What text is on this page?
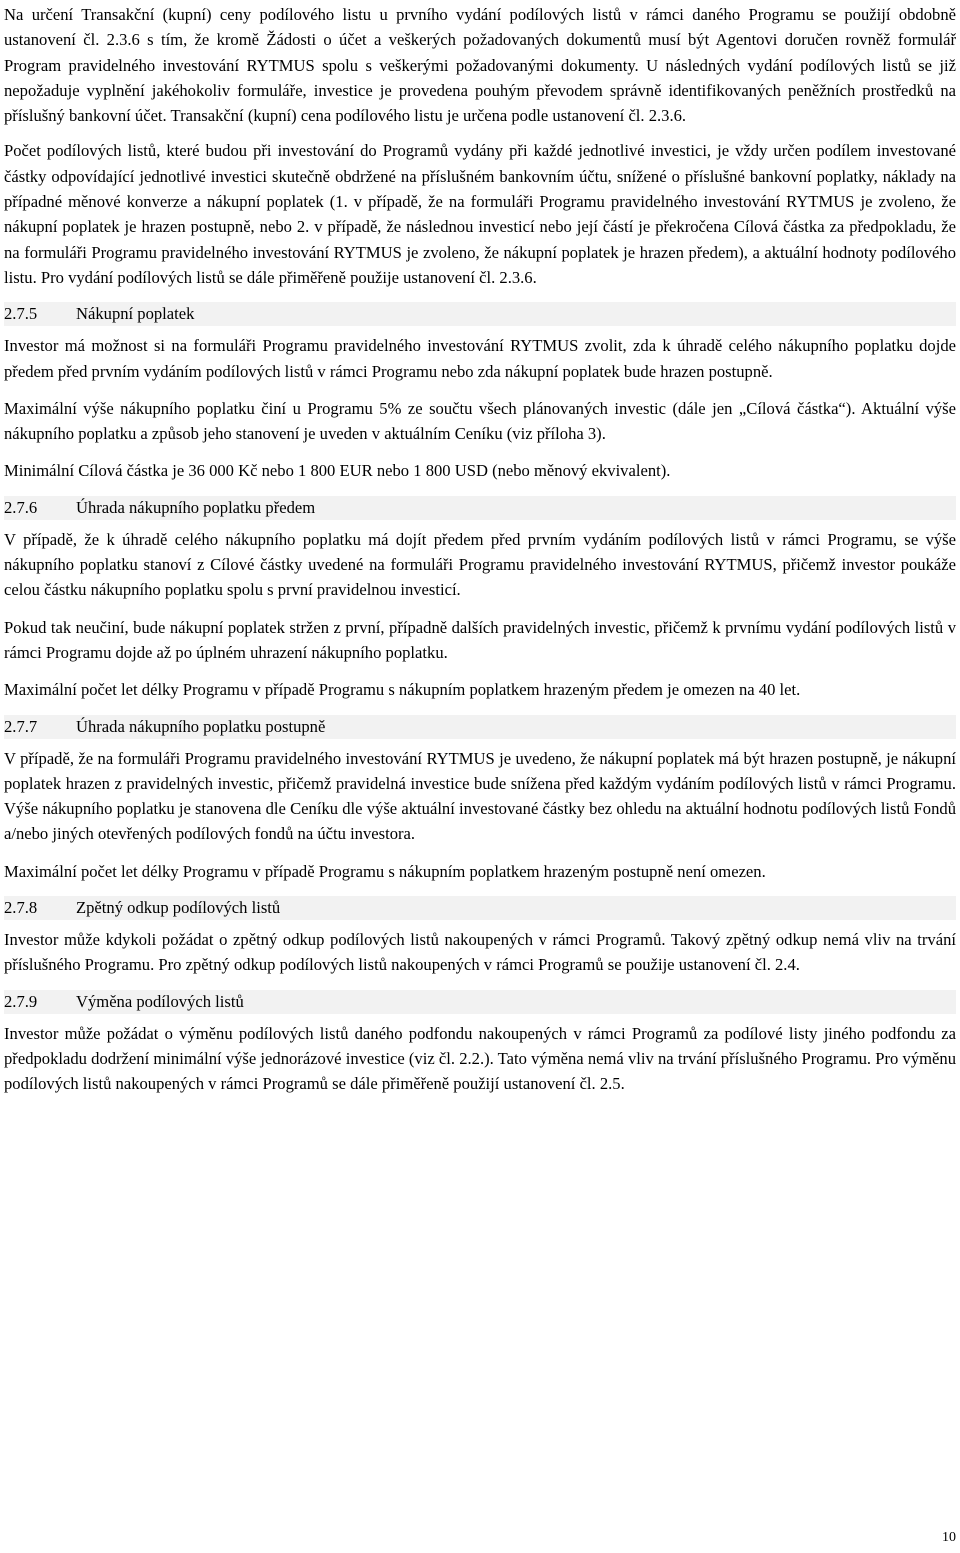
Na určení Transakční (kupní) ceny podílového listu u prvního vydání podílových listů v rámci daného Programu se použijí obdobně ustanovení čl. 2.3.6 s tím, že kromě Žádosti o účet a veškerých požadovaných dokumentů musí být Agentovi doručen rovněž formulář Program pravidelného investování RYTMUS spolu s veškerými požadovanými dokumenty. U následných vydání podílových listů se již nepožaduje vyplnění jakéhokoliv formuláře, investice je provedena pouhým převodem správně identifikovaných peněžních prostředků na příslušný bankovní účet. Transakční (kupní) cena podílového listu je určena podle ustanovení čl. 2.3.6.

Počet podílových listů, které budou při investování do Programů vydány při každé jednotlivé investici, je vždy určen podílem investované částky odpovídající jednotlivé investici skutečně obdržené na příslušném bankovním účtu, snížené o příslušné bankovní poplatky, náklady na případné měnové konverze a nákupní poplatek (1. v případě, že na formuláři Programu pravidelného investování RYTMUS je zvoleno, že nákupní poplatek je hrazen postupně, nebo 2. v případě, že následnou investicí nebo její částí je překročena Cílová částka za předpokladu, že na formuláři Programu pravidelného investování RYTMUS je zvoleno, že nákupní poplatek je hrazen předem), a aktuální hodnoty podílového listu. Pro vydání podílových listů se dále přiměřeně použije ustanovení čl. 2.3.6.

2.7.5	Nákupní poplatek

Investor má možnost si na formuláři Programu pravidelného investování RYTMUS zvolit, zda k úhradě celého nákupního poplatku dojde předem před prvním vydáním podílových listů v rámci Programu nebo zda nákupní poplatek bude hrazen postupně.

Maximální výše nákupního poplatku činí u Programu 5% ze součtu všech plánovaných investic (dále jen „Cílová částka“). Aktuální výše nákupního poplatku a způsob jeho stanovení je uveden v aktuálním Ceníku (viz příloha 3).

Minimální Cílová částka je 36 000 Kč nebo 1 800 EUR nebo 1 800 USD (nebo měnový ekvivalent).

2.7.6	Úhrada nákupního poplatku předem

V případě, že k úhradě celého nákupního poplatku má dojít předem před prvním vydáním podílových listů v rámci Programu, se výše nákupního poplatku stanoví z Cílové částky uvedené na formuláři Programu pravidelného investování RYTMUS, přičemž investor poukáže celou částku nákupního poplatku spolu s první pravidelnou investicí.

Pokud tak neučiní, bude nákupní poplatek stržen z první, případně dalších pravidelných investic, přičemž k prvnímu vydání podílových listů v rámci Programu dojde až po úplném uhrazení nákupního poplatku.

Maximální počet let délky Programu v případě Programu s nákupním poplatkem hrazeným předem je omezen na 40 let.

2.7.7	Úhrada nákupního poplatku postupně

V případě, že na formuláři Programu pravidelného investování RYTMUS je uvedeno, že nákupní poplatek má být hrazen postupně, je nákupní poplatek hrazen z pravidelných investic, přičemž pravidelná investice bude snížena před každým vydáním podílových listů v rámci Programu. Výše nákupního poplatku je stanovena dle Ceníku dle výše aktuální investované částky bez ohledu na aktuální hodnotu podílových listů Fondů a/nebo jiných otevřených podílových fondů na účtu investora.

Maximální počet let délky Programu v případě Programu s nákupním poplatkem hrazeným postupně není omezen.

2.7.8	Zpětný odkup podílových listů

Investor může kdykoli požádat o zpětný odkup podílových listů nakoupených v rámci Programů. Takový zpětný odkup nemá vliv na trvání příslušného Programu. Pro zpětný odkup podílových listů nakoupených v rámci Programů se použije ustanovení čl. 2.4.

2.7.9	Výměna podílových listů

Investor může požádat o výměnu podílových listů daného podfondu nakoupených v rámci Programů za podílové listy jiného podfondu za předpokladu dodržení minimální výše jednorázové investice (viz čl. 2.2.). Tato výměna nemá vliv na trvání příslušného Programu. Pro výměnu podílových listů nakoupených v rámci Programů se dále přiměřeně použijí ustanovení čl. 2.5.

10
